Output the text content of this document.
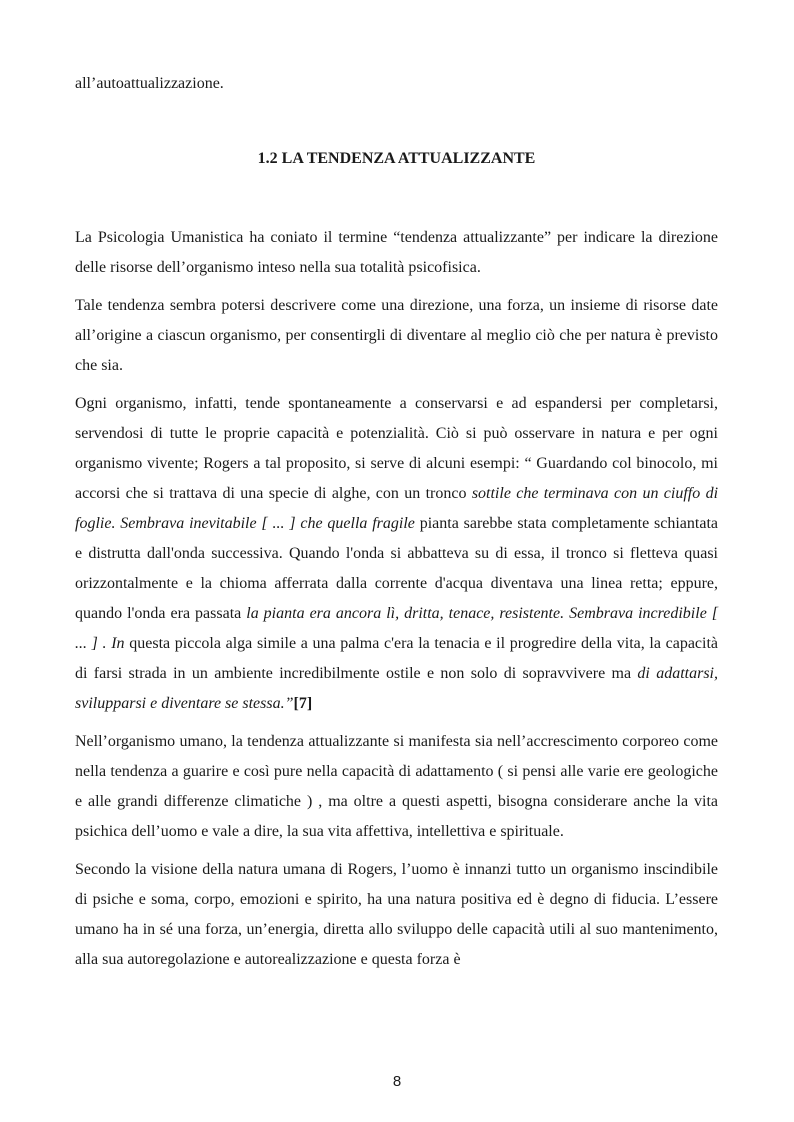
all’autoattualizzazione.

1.2 LA TENDENZA ATTUALIZZANTE

La Psicologia Umanistica ha coniato il termine “tendenza attualizzante” per indicare la direzione delle risorse dell’organismo inteso nella sua totalità psicofisica.

Tale tendenza sembra potersi descrivere come una direzione, una forza, un insieme di risorse date all’origine a ciascun organismo, per consentirgli di diventare al meglio ciò che per natura è previsto che sia.

Ogni organismo, infatti, tende spontaneamente a conservarsi e ad espandersi per completarsi, servendosi di tutte le proprie capacità e potenzialità. Ciò si può osservare in natura e per ogni organismo vivente; Rogers a tal proposito, si serve di alcuni esempi: “ Guardando col binocolo, mi accorsi che si trattava di una specie di alghe, con un tronco sottile che terminava con un ciuffo di foglie. Sembrava inevitabile [ ... ] che quella fragile pianta sarebbe stata completamente schiantata e distrutta dall'onda successiva. Quando l'onda si abbatteva su di essa, il tronco si fletteva quasi orizzontalmente e la chioma afferrata dalla corrente d'acqua diventava una linea retta; eppure, quando l'onda era passata la pianta era ancora lì, dritta, tenace, resistente. Sembrava incredibile [ ... ] . In questa piccola alga simile a una palma c'era la tenacia e il progredire della vita, la capacità di farsi strada in un ambiente incredibilmente ostile e non solo di sopravvivere ma di adattarsi, svilupparsi e diventare se stessa.”[7]

Nell’organismo umano, la tendenza attualizzante si manifesta sia nell’accrescimento corporeo come nella tendenza a guarire e così pure nella capacità di adattamento ( si pensi alle varie ere geologiche e alle grandi differenze climatiche ) , ma oltre a questi aspetti, bisogna considerare anche la vita psichica dell’uomo e vale a dire, la sua vita affettiva, intellettiva e spirituale.

Secondo la visione della natura umana di Rogers, l’uomo è innanzi tutto un organismo inscindibile di psiche e soma, corpo, emozioni e spirito, ha una natura positiva ed è degno di fiducia. L’essere umano ha in sé una forza, un’energia, diretta allo sviluppo delle capacità utili al suo mantenimento, alla sua autoregolazione e autorealizzazione e questa forza è

8
